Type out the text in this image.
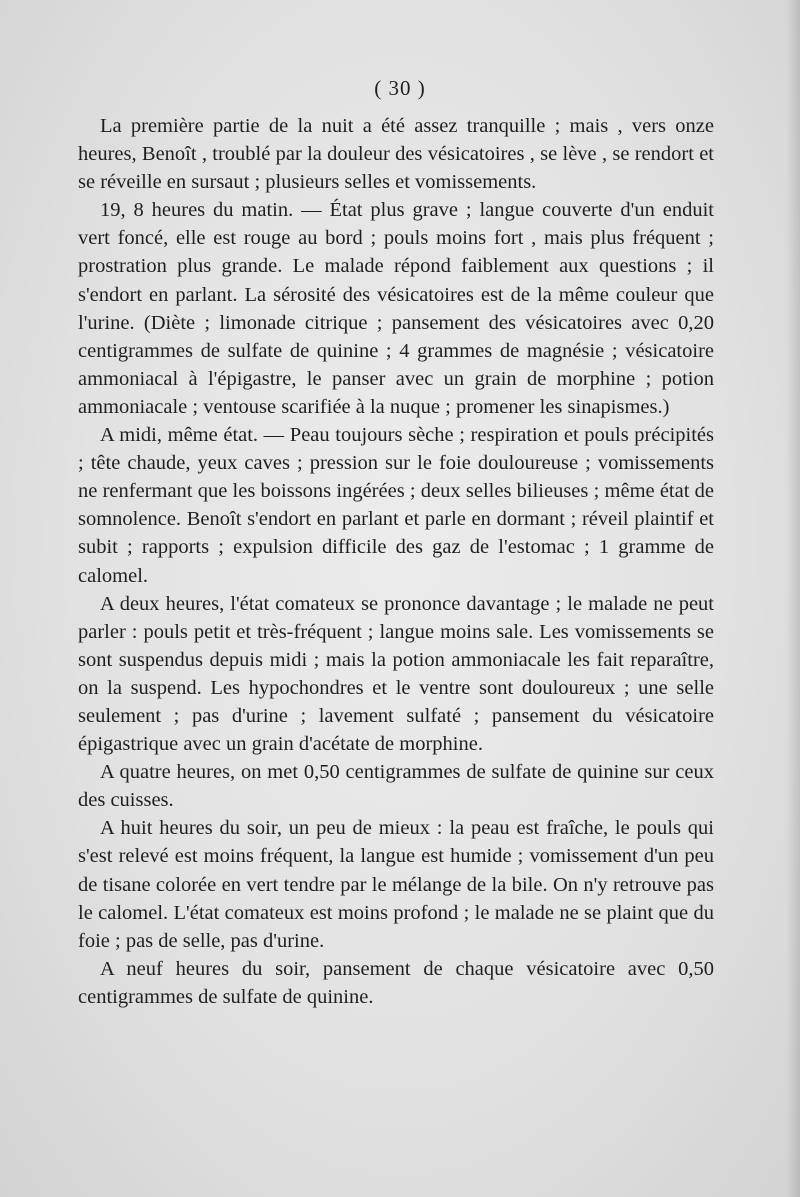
( 30 )

La première partie de la nuit a été assez tranquille ; mais , vers onze heures, Benoît , troublé par la douleur des vésicatoires , se lève , se rendort et se réveille en sursaut ; plusieurs selles et vomissements.

19, 8 heures du matin. — État plus grave ; langue couverte d'un enduit vert foncé, elle est rouge au bord ; pouls moins fort , mais plus fréquent ; prostration plus grande. Le malade répond faiblement aux questions ; il s'endort en parlant. La sérosité des vésicatoires est de la même couleur que l'urine. (Diète ; limonade citrique ; pansement des vésicatoires avec 0,20 centigrammes de sulfate de quinine ; 4 grammes de magnésie ; vésicatoire ammoniacal à l'épigastre, le panser avec un grain de morphine ; potion ammoniacale ; ventouse scarifiée à la nuque ; promener les sinapismes.)

A midi, même état. — Peau toujours sèche ; respiration et pouls précipités ; tête chaude, yeux caves ; pression sur le foie douloureuse ; vomissements ne renfermant que les boissons ingérées ; deux selles bilieuses ; même état de somnolence. Benoît s'endort en parlant et parle en dormant ; réveil plaintif et subit ; rapports ; expulsion difficile des gaz de l'estomac ; 1 gramme de calomel.

A deux heures, l'état comateux se prononce davantage ; le malade ne peut parler : pouls petit et très-fréquent ; langue moins sale. Les vomissements se sont suspendus depuis midi ; mais la potion ammoniacale les fait reparaître, on la suspend. Les hypochondres et le ventre sont douloureux ; une selle seulement ; pas d'urine ; lavement sulfaté ; pansement du vésicatoire épigastrique avec un grain d'acétate de morphine.

A quatre heures, on met 0,50 centigrammes de sulfate de quinine sur ceux des cuisses.

A huit heures du soir, un peu de mieux : la peau est fraîche, le pouls qui s'est relevé est moins fréquent, la langue est humide ; vomissement d'un peu de tisane colorée en vert tendre par le mélange de la bile. On n'y retrouve pas le calomel. L'état comateux est moins profond ; le malade ne se plaint que du foie ; pas de selle, pas d'urine.

A neuf heures du soir, pansement de chaque vésicatoire avec 0,50 centigrammes de sulfate de quinine.
